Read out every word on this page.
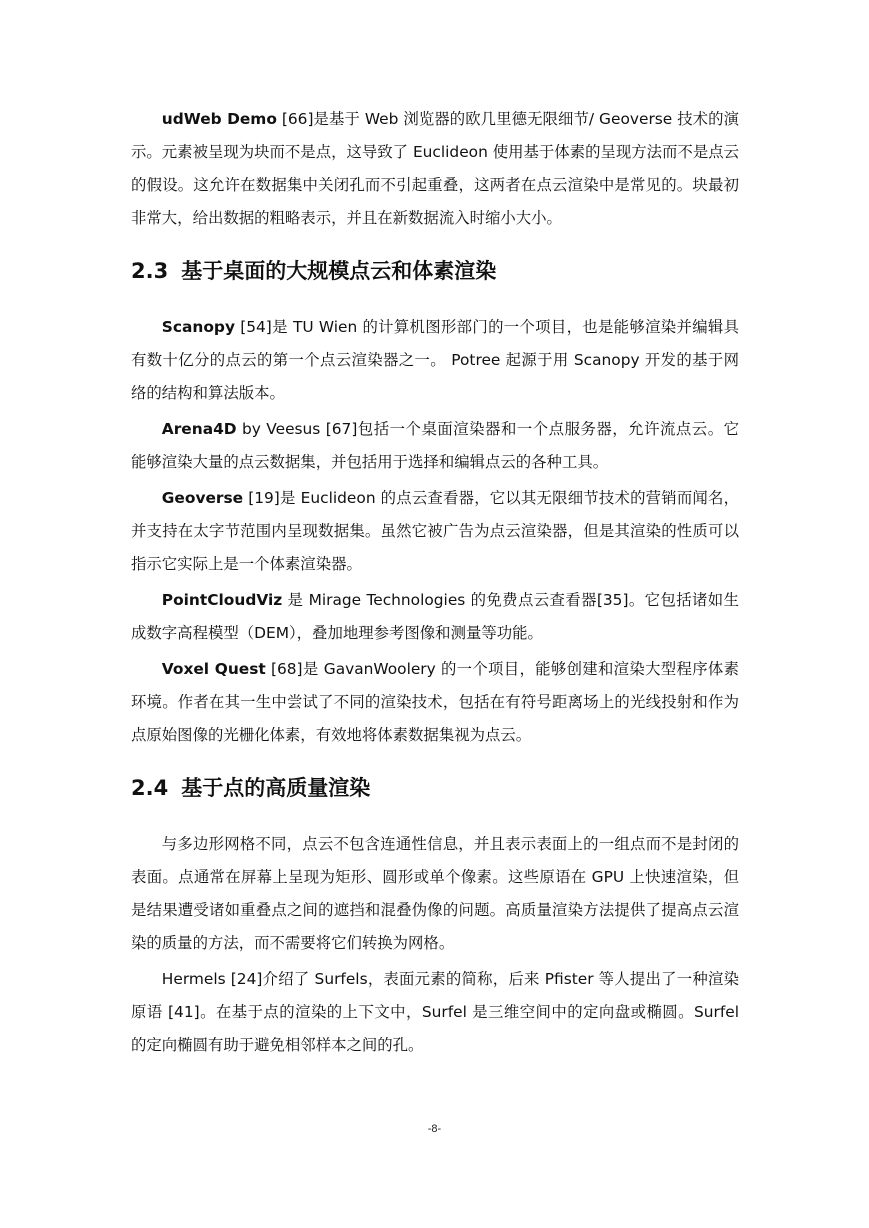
udWeb Demo [66]是基于 Web 浏览器的欧几里德无限细节/ Geoverse 技术的演示。元素被呈现为块而不是点，这导致了 Euclideon 使用基于体素的呈现方法而不是点云的假设。这允许在数据集中关闭孔而不引起重叠，这两者在点云渲染中是常见的。块最初非常大，给出数据的粗略表示，并且在新数据流入时缩小大小。

2.3 基于桌面的大规模点云和体素渲染

Scanopy [54]是 TU Wien 的计算机图形部门的一个项目，也是能够渲染并编辑具有数十亿分的点云的第一个点云渲染器之一。 Potree 起源于用 Scanopy 开发的基于网络的结构和算法版本。

Arena4D by Veesus [67]包括一个桌面渲染器和一个点服务器，允许流点云。它能够渲染大量的点云数据集，并包括用于选择和编辑点云的各种工具。

Geoverse [19]是 Euclideon 的点云查看器，它以其无限细节技术的营销而闻名，并支持在太字节范围内呈现数据集。虽然它被广告为点云渲染器，但是其渲染的性质可以指示它实际上是一个体素渲染器。

PointCloudViz 是 Mirage Technologies 的免费点云查看器[35]。它包括诸如生成数字高程模型（DEM），叠加地理参考图像和测量等功能。

Voxel Quest [68]是 GavanWoolery 的一个项目，能够创建和渲染大型程序体素环境。作者在其一生中尝试了不同的渲染技术，包括在有符号距离场上的光线投射和作为点原始图像的光栅化体素，有效地将体素数据集视为点云。

2.4 基于点的高质量渲染

与多边形网格不同，点云不包含连通性信息，并且表示表面上的一组点而不是封闭的表面。点通常在屏幕上呈现为矩形、圆形或单个像素。这些原语在 GPU 上快速渲染，但是结果遭受诸如重叠点之间的遮挡和混叠伪像的问题。高质量渲染方法提供了提高点云渲染的质量的方法，而不需要将它们转换为网格。

Hermels [24]介绍了 Surfels，表面元素的简称，后来 Pfister 等人提出了一种渲染原语 [41]。在基于点的渲染的上下文中，Surfel 是三维空间中的定向盘或椭圆。Surfel 的定向椭圆有助于避免相邻样本之间的孔。

-8-
